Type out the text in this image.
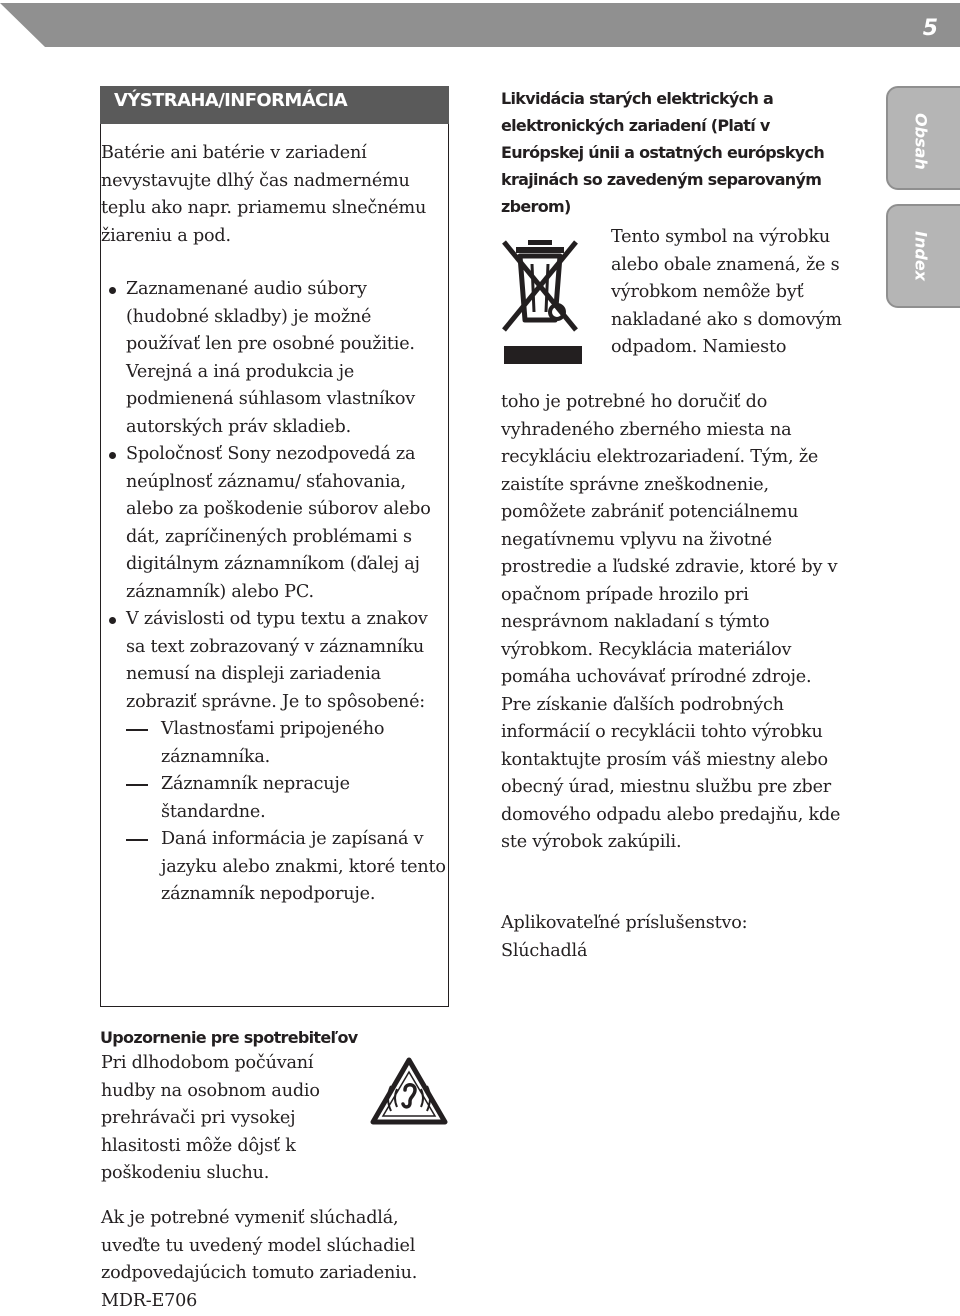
5
Obsah
Index
VÝSTRAHA/INFORMÁCIA

Batérie ani batérie v zariadení nevystavujte dlhý čas nadmernému teplu ako napr. priamemu slnečnému žiareniu a pod.

Zaznamenané audio súbory (hudobné skladby) je možné používať len pre osobné použitie. Verejná a iná produkcia je podmienená súhlasom vlastníkov autorských práv skladieb.
Spoločnosť Sony nezodpovedá za neúplnosť záznamu/ sťahovania, alebo za poškodenie súborov alebo dát, zapríčinených problémami s digitálnym záznamníkom (ďalej aj záznamník) alebo PC.
V závislosti od typu textu a znakov sa text zobrazovaný v záznamníku nemusí na displeji zariadenia zobraziť správne. Je to spôsobené:
Vlastnosťami pripojeného záznamníka.
Záznamník nepracuje štandardne.
Daná informácia je zapísaná v jazyku alebo znakmi, ktoré tento záznamník nepodporuje.
Upozornenie pre spotrebiteľov

Pri dlhodobom počúvaní hudby na osobnom audio prehrávači pri vysokej hlasitosti môže dôjsť k poškodeniu sluchu.

Ak je potrebné vymeniť slúchadlá, uveďte tu uvedený model slúchadiel zodpovedajúcich tomuto zariadeniu.

MDR-E706

Likvidácia starých elektrických a elektronických zariadení (Platí v Európskej únii a ostatných európskych krajinách so zavedeným separovaným zberom)

Tento symbol na výrobku alebo obale znamená, že s výrobkom nemôže byť nakladané ako s domovým odpadom. Namiesto

toho je potrebné ho doručiť do vyhradeného zberného miesta na recykláciu elektrozariadení. Tým, že zaistíte správne zneškodnenie, pomôžete zabrániť potenciálnemu negatívnemu vplyvu na životné prostredie a ľudské zdravie, ktoré by v opačnom prípade hrozilo pri nesprávnom nakladaní s týmto výrobkom. Recyklácia materiálov pomáha uchovávať prírodné zdroje. Pre získanie ďalších podrobných informácií o recyklácii tohto výrobku kontaktujte prosím váš miestny alebo obecný úrad, miestnu službu pre zber domového odpadu alebo predajňu, kde ste výrobok zakúpili.

Aplikovateľné príslušenstvo:

Slúchadlá
